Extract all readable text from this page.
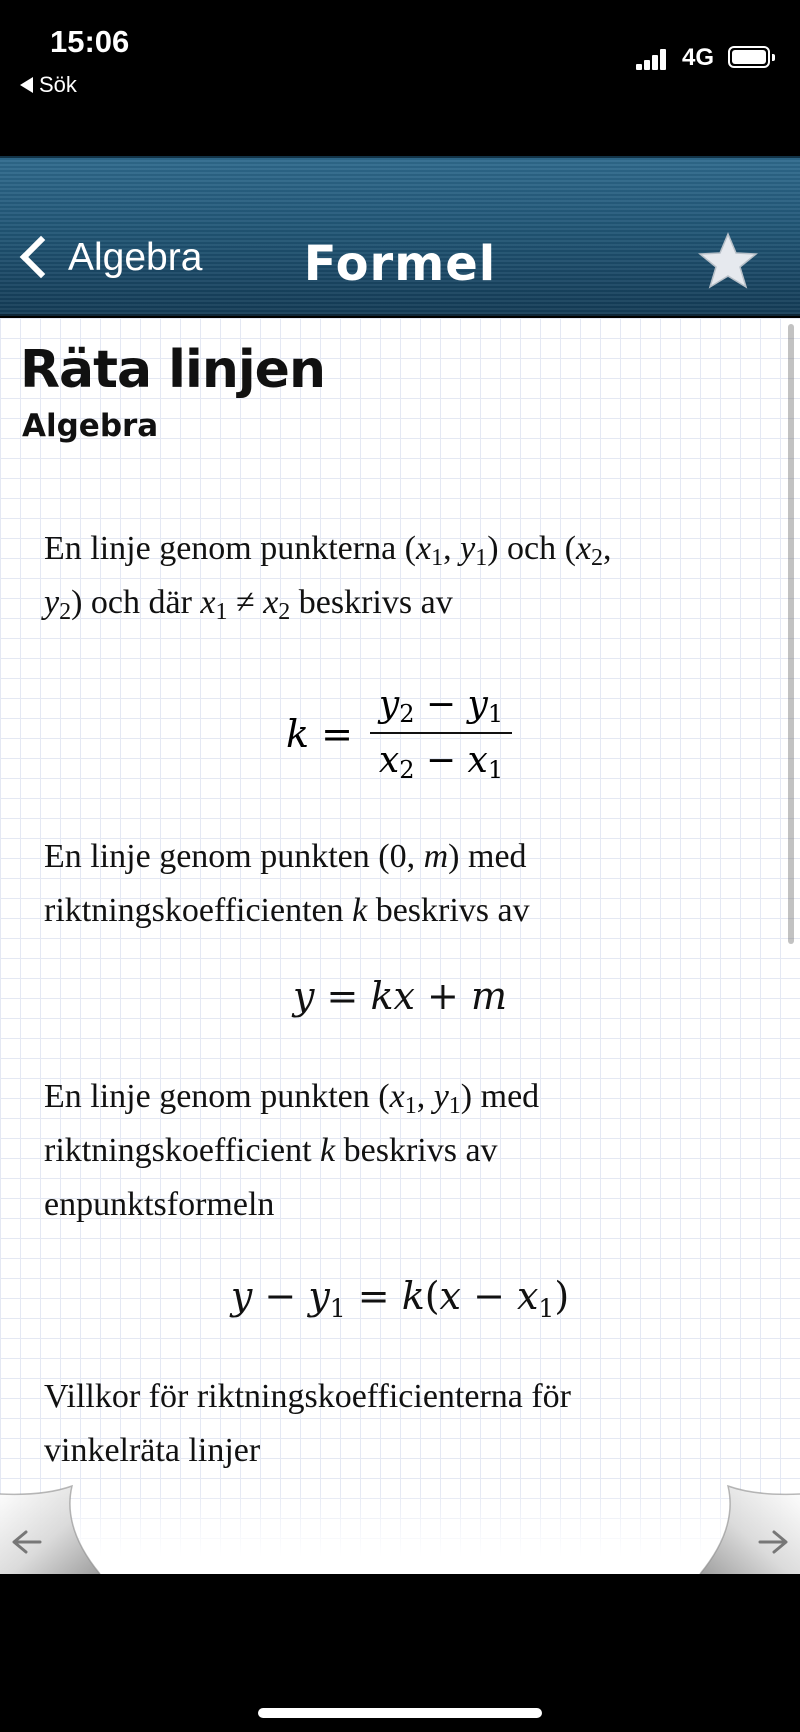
15:06
Sök
4G
Algebra	Formel
Räta linjen
Algebra
En linje genom punkterna ($x_1$, $y_1$) och ($x_2$,
$y_2$) och där $x_1 \ne x_2$ beskrivs av
k =
$y_2 - y_1$
$x_2 - x_1$
En linje genom punkten (0, m) med
riktningskoefficienten k beskrivs av
y = kx + m
En linje genom punkten ($x_1$, $y_1$) med
riktningskoefficient k beskrivs av
enpunktsformeln
$y - y_1 = k(x - x_1)$
Villkor för riktningskoefficienterna för
vinkelräta linjer
